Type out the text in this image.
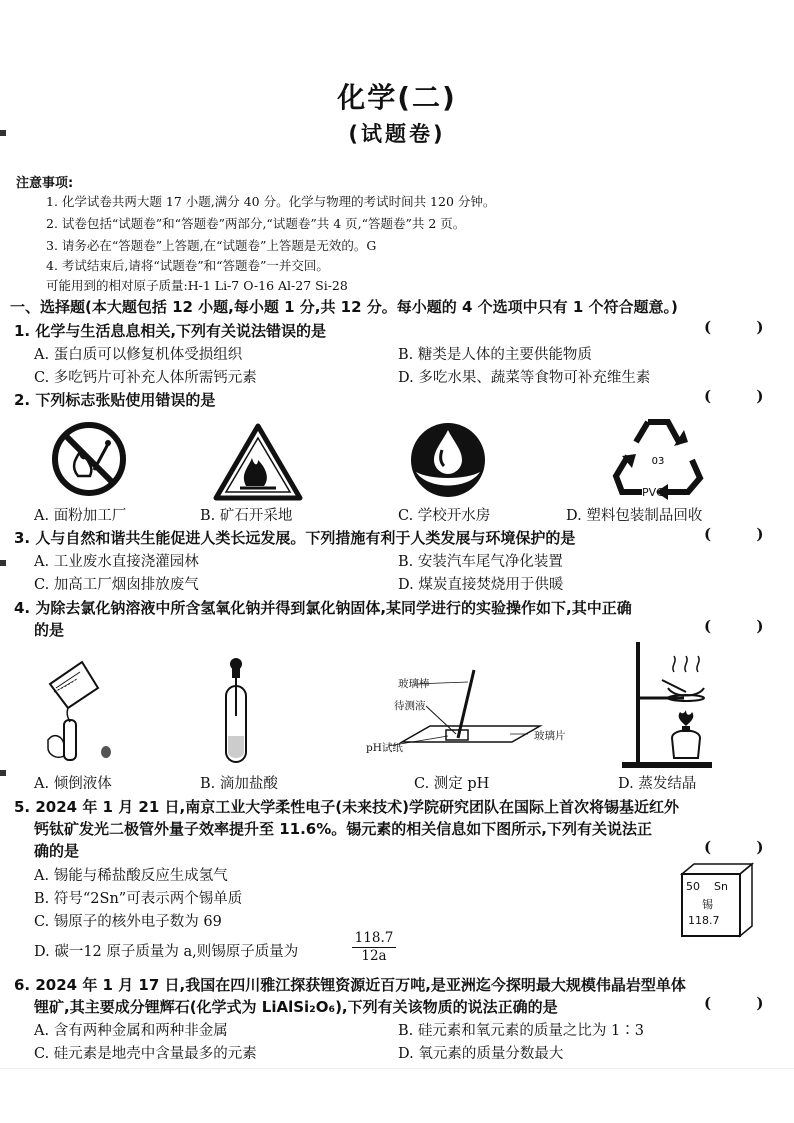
化学(二)
(试题卷)
注意事项:
1. 化学试卷共两大题 17 小题,满分 40 分。化学与物理的考试时间共 120 分钟。
2. 试卷包括“试题卷”和“答题卷”两部分,“试题卷”共 4 页,“答题卷”共 2 页。
3. 请务必在“答题卷”上答题,在“试题卷”上答题是无效的。G
4. 考试结束后,请将“试题卷”和“答题卷”一并交回。
可能用到的相对原子质量:H-1 Li-7 O-16 Al-27 Si-28
一、选择题(本大题包括 12 小题,每小题 1 分,共 12 分。每小题的 4 个选项中只有 1 个符合题意。)
1. 化学与生活息息相关,下列有关说法错误的是	( )
A. 蛋白质可以修复机体受损组织	B. 糖类是人体的主要供能物质
C. 多吃钙片可补充人体所需钙元素	D. 多吃水果、蔬菜等食物可补充维生素
2. 下列标志张贴使用错误的是	( )
03
PVC
A. 面粉加工厂	B. 矿石开采地	C. 学校开水房	D. 塑料包装制品回收
3. 人与自然和谐共生能促进人类长远发展。下列措施有利于人类发展与环境保护的是	( )
A. 工业废水直接浇灌园林	B. 安装汽车尾气净化装置
C. 加高工厂烟囱排放废气	D. 煤炭直接焚烧用于供暖
4. 为除去氯化钠溶液中所含氢氧化钠并得到氯化钠固体,某同学进行的实验操作如下,其中正确
的是	( )
玻璃棒
待测液
pH试纸
玻璃片
A. 倾倒液体	B. 滴加盐酸	C. 测定 pH	D. 蒸发结晶
5. 2024 年 1 月 21 日,南京工业大学柔性电子(未来技术)学院研究团队在国际上首次将锡基近红外
钙钛矿发光二极管外量子效率提升至 11.6%。锡元素的相关信息如下图所示,下列有关说法正
确的是	( )
A. 锡能与稀盐酸反应生成氢气
B. 符号“2Sn”可表示两个锡单质
C. 锡原子的核外电子数为 69
D. 碳一12 原子质量为 a,则锡原子质量为	$\frac{118.7}{12a}$
50 Sn
锡
118.7
6. 2024 年 1 月 17 日,我国在四川雅江探获锂资源近百万吨,是亚洲迄今探明最大规模伟晶岩型单体
锂矿,其主要成分锂辉石(化学式为 LiAlSi₂O₆),下列有关该物质的说法正确的是	( )
A. 含有两种金属和两种非金属	B. 硅元素和氧元素的质量之比为 1∶3
C. 硅元素是地壳中含量最多的元素	D. 氧元素的质量分数最大
